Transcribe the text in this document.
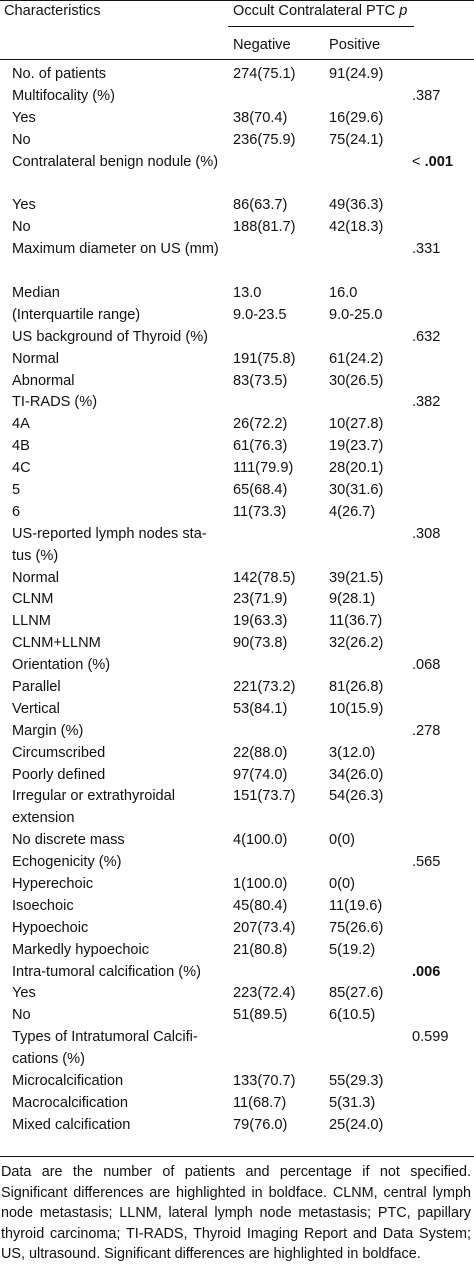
Characteristics	Occult Contralateral PTC p
Negative	Positive
No. of patients	274(75.1) 91(24.9)
Multifocality (%)	.387
Yes	38(70.4)	16(29.6)
No	236(75.9) 75(24.1)
Contralateral benign nodule (%)	< .001
Yes	86(63.7)	49(36.3)
No	188(81.7) 42(18.3)
Maximum diameter on US (mm)	.331
Median	13.0	16.0
(Interquartile range)	9.0-23.5	9.0-25.0
US background of Thyroid (%)	.632
Normal	191(75.8) 61(24.2)
Abnormal	83(73.5)	30(26.5)
TI-RADS (%)	.382
4A	26(72.2)	10(27.8)
4B	61(76.3)	19(23.7)
4C	111(79.9) 28(20.1)
5	65(68.4)	30(31.6)
6	11(73.3)	4(26.7)
US-reported lymph nodes sta-
tus (%)
.308
Normal	142(78.5) 39(21.5)
CLNM	23(71.9)	9(28.1)
LLNM	19(63.3)	11(36.7)
CLNM+LLNM	90(73.8)	32(26.2)
Orientation (%)	.068
Parallel	221(73.2) 81(26.8)
Vertical	53(84.1)	10(15.9)
Margin (%)	.278
Circumscribed	22(88.0)	3(12.0)
Poorly defined	97(74.0)	34(26.0)
Irregular or extrathyroidal extension
151(73.7) 54(26.3)
No discrete mass	4(100.0)	0(0)
Echogenicity (%)	.565
Hyperechoic	1(100.0)	0(0)
Isoechoic	45(80.4)	11(19.6)
Hypoechoic	207(73.4) 75(26.6)
Markedly hypoechoic	21(80.8)	5(19.2)
Intra-tumoral calcification (%)	.006
Yes	223(72.4) 85(27.6)
No	51(89.5)	6(10.5)
Types of Intratumoral Calcifi-
cations (%)
0.599
Microcalcification	133(70.7) 55(29.3)
Macrocalcification	11(68.7)	5(31.3)
Mixed calcification	79(76.0)	25(24.0)
Data are the number of patients and percentage if not specified. Significant differences are highlighted in boldface. CLNM, central lymph node metastasis; LLNM, lateral lymph node metastasis; PTC, papillary thyroid carcinoma; TI-RADS, Thyroid Imaging Report and Data System; US, ultrasound. Significant differences are highlighted in boldface.
